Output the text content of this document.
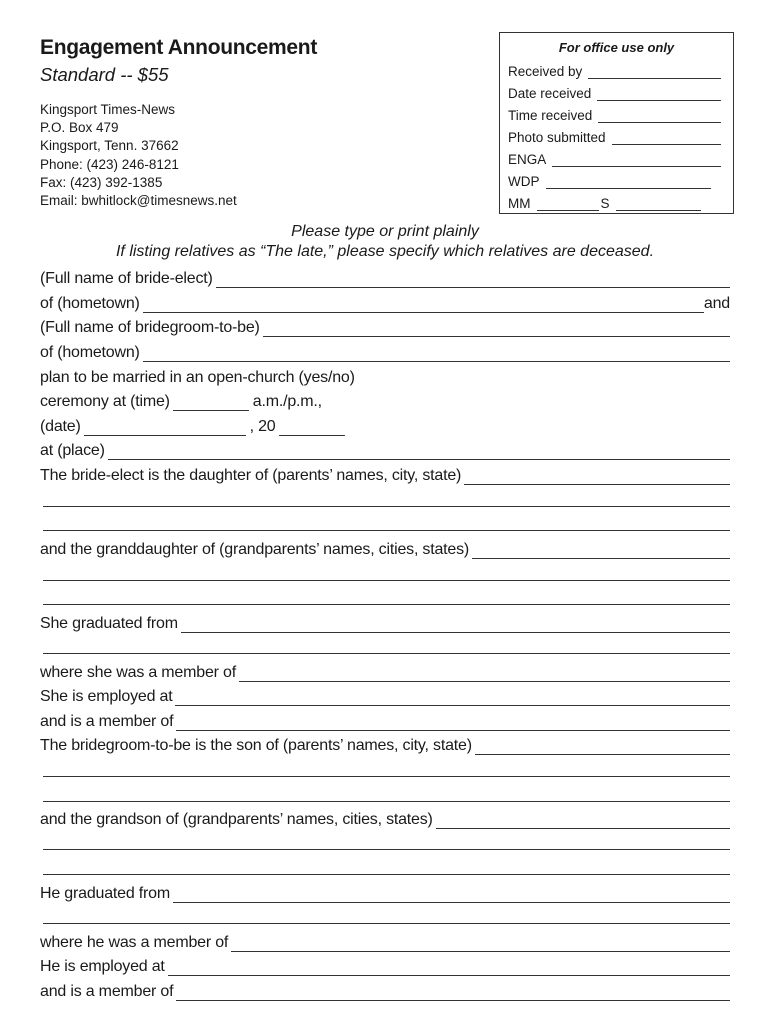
Engagement Announcement
Standard -- $55
Kingsport Times-News
P.O. Box 479
Kingsport, Tenn. 37662
Phone: (423) 246-8121
Fax: (423) 392-1385
Email: bwhitlock@timesnews.net
For office use only
Received by
Date received
Time received
Photo submitted
ENGA
WDP
MM	S
Please type or print plainly
If listing relatives as “The late,” please specify which relatives are deceased.
(Full name of bride-elect)
of (hometown)	and
(Full name of bridegroom-to-be)
of (hometown)
plan to be married in an open-church (yes/no)
ceremony at (time)	a.m./p.m.,
(date)	, 20
at (place)
The bride-elect is the daughter of (parents’ names, city, state)
and the granddaughter of (grandparents’ names, cities, states)
She graduated from
where she was a member of
She is employed at
and is a member of
The bridegroom-to-be is the son of (parents’ names, city, state)
and the grandson of (grandparents’ names, cities, states)
He graduated from
where he was a member of
He is employed at
and is a member of
